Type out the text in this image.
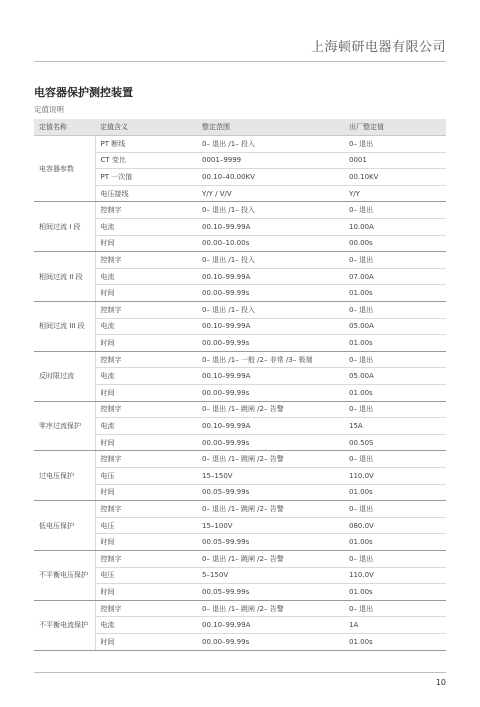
上海顿研电器有限公司
电容器保护测控装置
定值说明
定值名称	定值含义	整定范围	出厂整定值
电容器参数	PT 断线	0– 退出 /1– 投入	0– 退出
	CT 变比	0001–9999	0001
	PT 一次值	00.10–40.00KV	00.10KV
	电压接线	Y/Y / V/V	Y/Y
相间过流 I 段	控制字	0– 退出 /1– 投入	0– 退出
	电流	00.10–99.99A	10.00A
	时间	00.00–10.00s	00.00s
相间过流 II 段	控制字	0– 退出 /1– 投入	0– 退出
	电流	00.10–99.99A	07.00A
	时间	00.00–99.99s	01.00s
相间过流 III 段	控制字	0– 退出 /1– 投入	0– 退出
	电流	00.10–99.99A	05.00A
	时间	00.00–99.99s	01.00s
反时限过流	控制字	0– 退出 /1– 一般 /2– 非常 /3– 极端	0– 退出
	电流	00.10–99.99A	05.00A
	时间	00.00–99.99s	01.00s
零序过流保护	控制字	0– 退出 /1– 跳闸 /2– 告警	0– 退出
	电流	00.10–99.99A	15A
	时间	00.00–99.99s	00.50S
过电压保护	控制字	0– 退出 /1– 跳闸 /2– 告警	0– 退出
	电压	15–150V	110.0V
	时间	00.05–99.99s	01.00s
低电压保护	控制字	0– 退出 /1– 跳闸 /2– 告警	0– 退出
	电压	15–100V	080.0V
	时间	00.05–99.99s	01.00s
不平衡电压保护	控制字	0– 退出 /1– 跳闸 /2– 告警	0– 退出
	电压	5–150V	110.0V
	时间	00.05–99.99s	01.00s
不平衡电流保护	控制字	0– 退出 /1– 跳闸 /2– 告警	0– 退出
	电流	00.10–99.99A	1A
	时间	00.00–99.99s	01.00s
10
